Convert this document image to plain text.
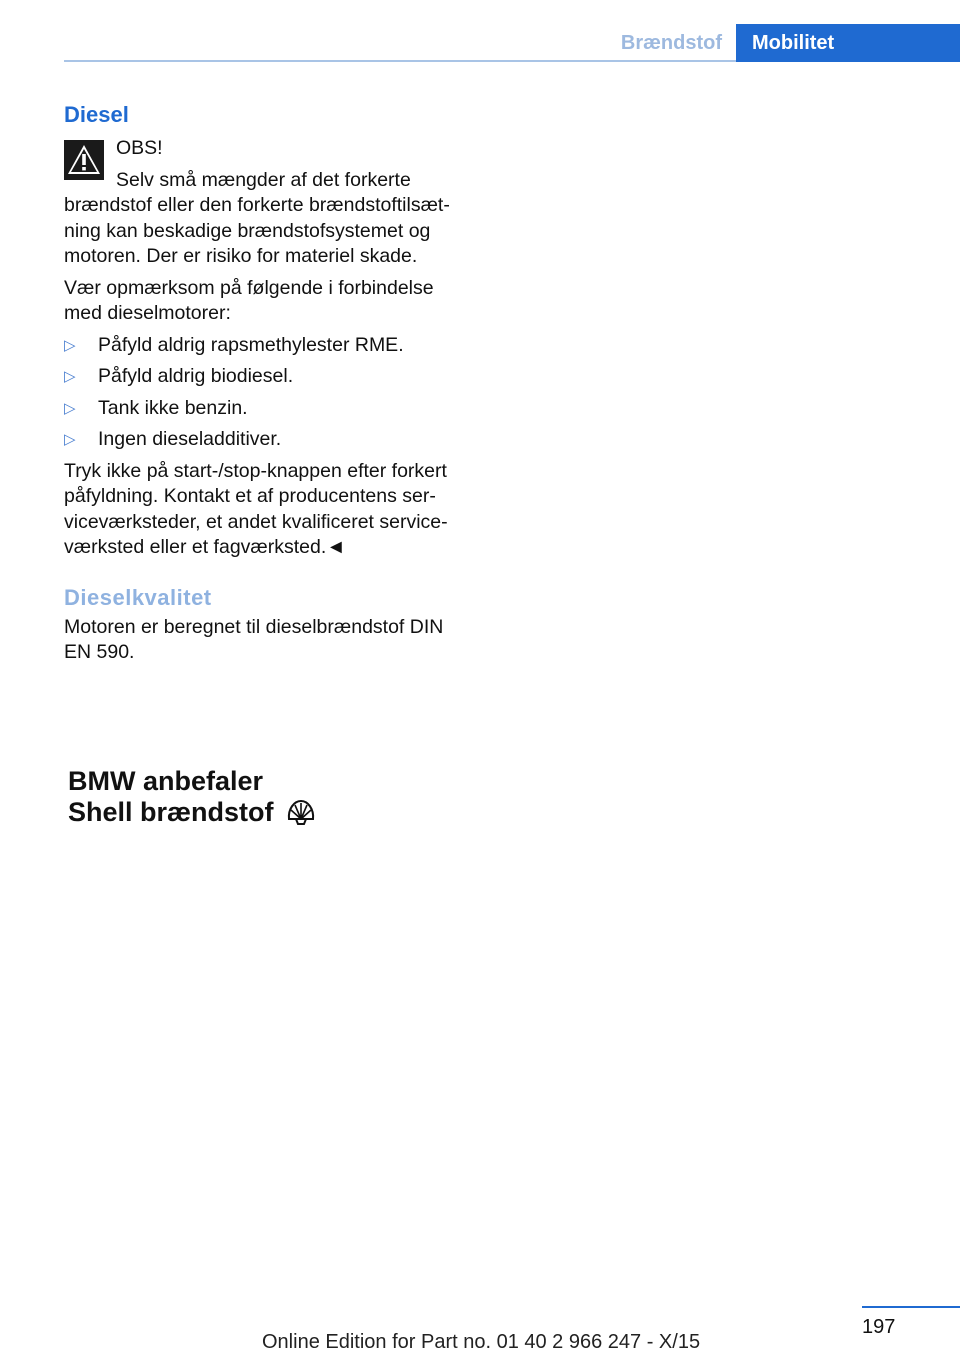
Brændstof	Mobilitet
Diesel

OBS!

Selv små mængder af det forkerte brændstof eller den forkerte brændstoftilsæt-ning kan beskadige brændstofsystemet og motoren. Der er risiko for materiel skade.

Vær opmærksom på følgende i forbindelse med dieselmotorer:

▷ Påfyld aldrig rapsmethylester RME.
▷ Påfyld aldrig biodiesel.
▷ Tank ikke benzin.
▷ Ingen dieseladditiver.

Tryk ikke på start-/stop-knappen efter forkert påfyldning. Kontakt et af producentens ser-viceværksteder, et andet kvalificeret service-værksted eller et fagværksted.◄

Dieselkvalitet

Motoren er beregnet til dieselbrændstof DIN EN 590.

BMW anbefaler
Shell brændstof
197
Online Edition for Part no. 01 40 2 966 247 - X/15
